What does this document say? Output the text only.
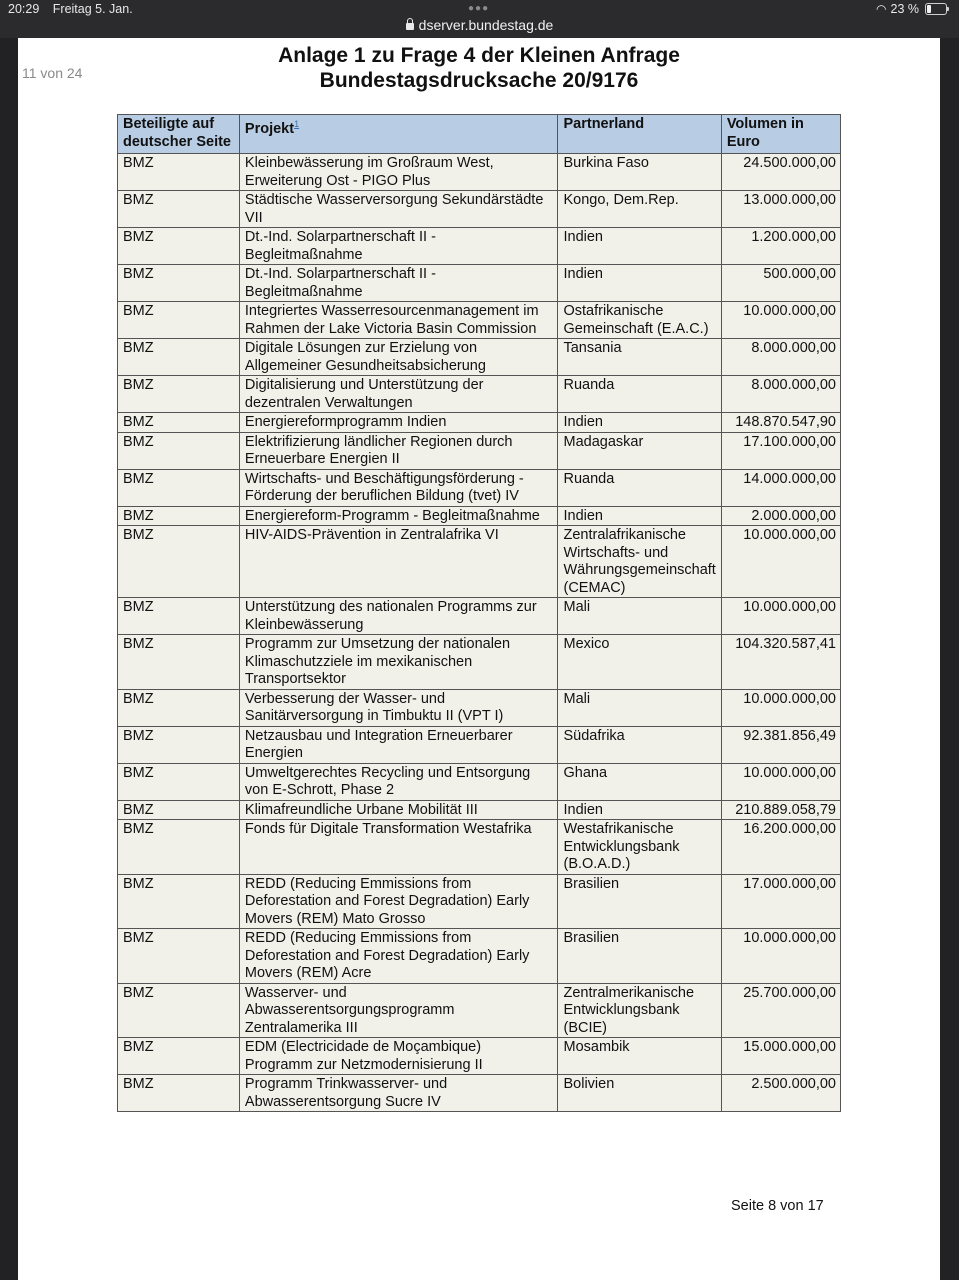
20:29 Freitag 5. Jan.	●●●
dserver.bundestag.de
◠ 23 %
11 von 24
Anlage 1 zu Frage 4 der Kleinen Anfrage
Bundestagsdrucksache 20/9176
Beteiligte auf deutscher Seite	Projekt$^1$	Partnerland	Volumen in Euro
BMZ	Kleinbewässerung im Großraum West, Erweiterung Ost - PIGO Plus	Burkina Faso	24.500.000,00
BMZ	Städtische Wasserversorgung Sekundärstädte VII	Kongo, Dem.Rep.	13.000.000,00
BMZ	Dt.-Ind. Solarpartnerschaft II - Begleitmaßnahme	Indien	1.200.000,00
BMZ	Dt.-Ind. Solarpartnerschaft II - Begleitmaßnahme	Indien	500.000,00
BMZ	Integriertes Wasserresourcenmanagement im Rahmen der Lake Victoria Basin Commission	Ostafrikanische Gemeinschaft (E.A.C.)	10.000.000,00
BMZ	Digitale Lösungen zur Erzielung von Allgemeiner Gesundheitsabsicherung	Tansania	8.000.000,00
BMZ	Digitalisierung und Unterstützung der dezentralen Verwaltungen	Ruanda	8.000.000,00
BMZ	Energiereformprogramm Indien	Indien	148.870.547,90
BMZ	Elektrifizierung ländlicher Regionen durch Erneuerbare Energien II	Madagaskar	17.100.000,00
BMZ	Wirtschafts- und Beschäftigungsförderung - Förderung der beruflichen Bildung (tvet) IV	Ruanda	14.000.000,00
BMZ	Energiereform-Programm - Begleitmaßnahme	Indien	2.000.000,00
BMZ	HIV-AIDS-Prävention in Zentralafrika VI	Zentralafrikanische Wirtschafts- und Währungsgemeinschaft (CEMAC)	10.000.000,00
BMZ	Unterstützung des nationalen Programms zur Kleinbewässerung	Mali	10.000.000,00
BMZ	Programm zur Umsetzung der nationalen Klimaschutzziele im mexikanischen Transportsektor	Mexico	104.320.587,41
BMZ	Verbesserung der Wasser- und Sanitärversorgung in Timbuktu II (VPT I)	Mali	10.000.000,00
BMZ	Netzausbau und Integration Erneuerbarer Energien	Südafrika	92.381.856,49
BMZ	Umweltgerechtes Recycling und Entsorgung von E-Schrott, Phase 2	Ghana	10.000.000,00
BMZ	Klimafreundliche Urbane Mobilität III	Indien	210.889.058,79
BMZ	Fonds für Digitale Transformation Westafrika	Westafrikanische Entwicklungsbank (B.O.A.D.)	16.200.000,00
BMZ	REDD (Reducing Emmissions from Deforestation and Forest Degradation) Early Movers (REM) Mato Grosso	Brasilien	17.000.000,00
BMZ	REDD (Reducing Emmissions from Deforestation and Forest Degradation) Early Movers (REM) Acre	Brasilien	10.000.000,00
BMZ	Wasserver- und Abwasserentsorgungsprogramm Zentralamerika III	Zentralmerikanische Entwicklungsbank (BCIE)	25.700.000,00
BMZ	EDM (Electricidade de Moçambique) Programm zur Netzmodernisierung II	Mosambik	15.000.000,00
BMZ	Programm Trinkwasserver- und Abwasserentsorgung Sucre IV	Bolivien	2.500.000,00
Seite 8 von 17
